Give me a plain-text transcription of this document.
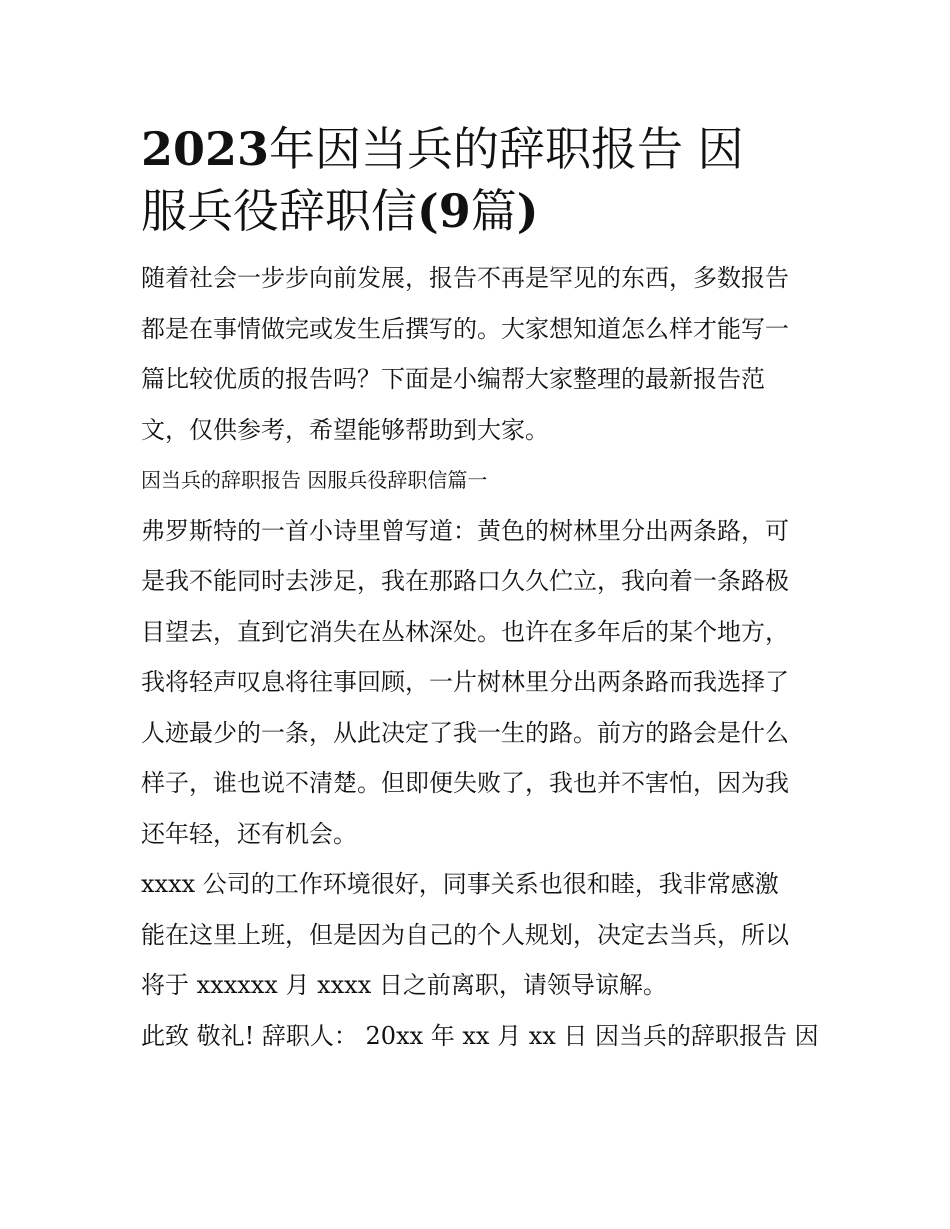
2023年因当兵的辞职报告 因
服兵役辞职信(9篇)

随着社会一步步向前发展，报告不再是罕见的东西，多数报告
都是在事情做完或发生后撰写的。大家想知道怎么样才能写一
篇比较优质的报告吗？下面是小编帮大家整理的最新报告范
文，仅供参考，希望能够帮助到大家。

因当兵的辞职报告 因服兵役辞职信篇一

弗罗斯特的一首小诗里曾写道：黄色的树林里分出两条路，可
是我不能同时去涉足，我在那路口久久伫立，我向着一条路极
目望去，直到它消失在丛林深处。也许在多年后的某个地方，
我将轻声叹息将往事回顾，一片树林里分出两条路而我选择了
人迹最少的一条，从此决定了我一生的路。前方的路会是什么
样子，谁也说不清楚。但即便失败了，我也并不害怕，因为我
还年轻，还有机会。

xxxx 公司的工作环境很好，同事关系也很和睦，我非常感激
能在这里上班，但是因为自己的个人规划，决定去当兵，所以
将于 xxxxxx 月 xxxx 日之前离职，请领导谅解。

此致 敬礼! 辞职人： 20xx 年 xx 月 xx 日 因当兵的辞职报告 因
